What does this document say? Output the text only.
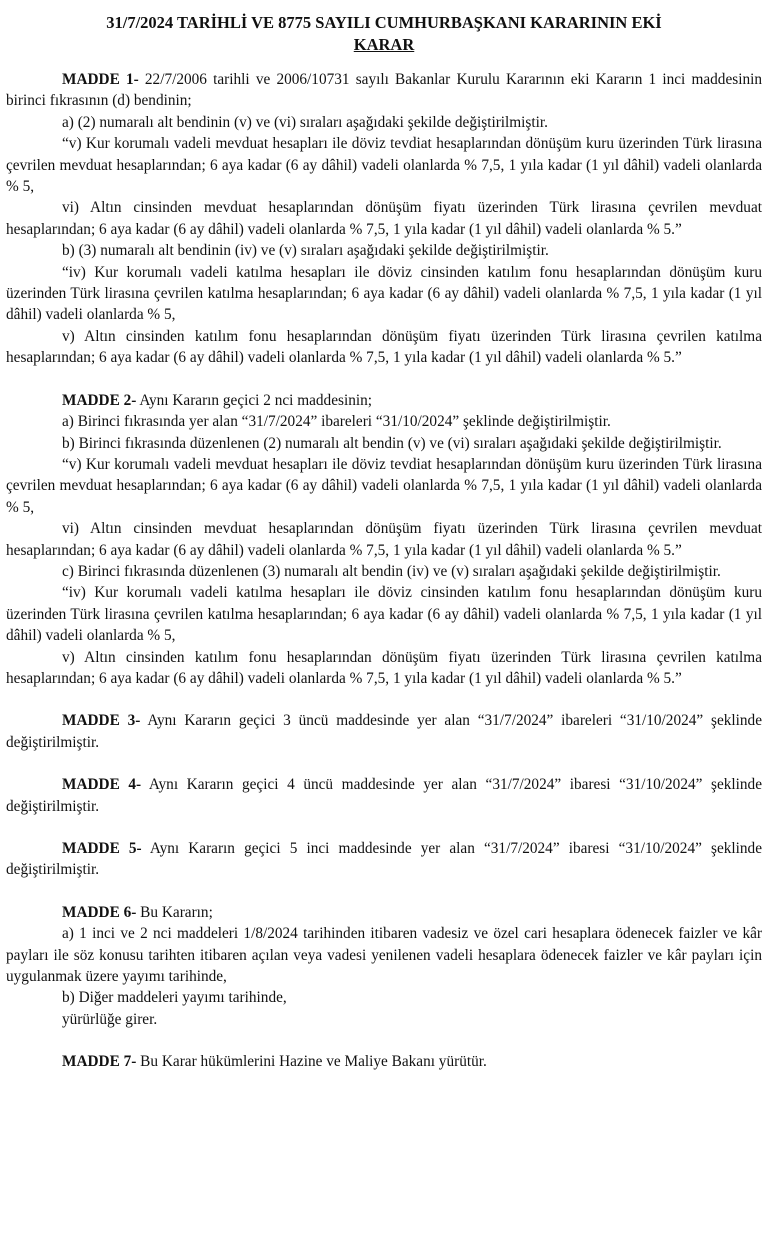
31/7/2024 TARİHLİ VE 8775 SAYILI CUMHURBAŞKANI KARARININ EKİ
KARAR

MADDE 1- 22/7/2006 tarihli ve 2006/10731 sayılı Bakanlar Kurulu Kararının eki Kararın 1 inci maddesinin birinci fıkrasının (d) bendinin;

a) (2) numaralı alt bendinin (v) ve (vi) sıraları aşağıdaki şekilde değiştirilmiştir.

“v) Kur korumalı vadeli mevduat hesapları ile döviz tevdiat hesaplarından dönüşüm kuru üzerinden Türk lirasına çevrilen mevduat hesaplarından; 6 aya kadar (6 ay dâhil) vadeli olanlarda % 7,5, 1 yıla kadar (1 yıl dâhil) vadeli olanlarda % 5,

vi) Altın cinsinden mevduat hesaplarından dönüşüm fiyatı üzerinden Türk lirasına çevrilen mevduat hesaplarından; 6 aya kadar (6 ay dâhil) vadeli olanlarda % 7,5, 1 yıla kadar (1 yıl dâhil) vadeli olanlarda % 5.”

b) (3) numaralı alt bendinin (iv) ve (v) sıraları aşağıdaki şekilde değiştirilmiştir.

“iv) Kur korumalı vadeli katılma hesapları ile döviz cinsinden katılım fonu hesaplarından dönüşüm kuru üzerinden Türk lirasına çevrilen katılma hesaplarından; 6 aya kadar (6 ay dâhil) vadeli olanlarda % 7,5, 1 yıla kadar (1 yıl dâhil) vadeli olanlarda % 5,

v) Altın cinsinden katılım fonu hesaplarından dönüşüm fiyatı üzerinden Türk lirasına çevrilen katılma hesaplarından; 6 aya kadar (6 ay dâhil) vadeli olanlarda % 7,5, 1 yıla kadar (1 yıl dâhil) vadeli olanlarda % 5.”

MADDE 2- Aynı Kararın geçici 2 nci maddesinin;

a) Birinci fıkrasında yer alan “31/7/2024” ibareleri “31/10/2024” şeklinde değiştirilmiştir.

b) Birinci fıkrasında düzenlenen (2) numaralı alt bendin (v) ve (vi) sıraları aşağıdaki şekilde değiştirilmiştir.

“v) Kur korumalı vadeli mevduat hesapları ile döviz tevdiat hesaplarından dönüşüm kuru üzerinden Türk lirasına çevrilen mevduat hesaplarından; 6 aya kadar (6 ay dâhil) vadeli olanlarda % 7,5, 1 yıla kadar (1 yıl dâhil) vadeli olanlarda % 5,

vi) Altın cinsinden mevduat hesaplarından dönüşüm fiyatı üzerinden Türk lirasına çevrilen mevduat hesaplarından; 6 aya kadar (6 ay dâhil) vadeli olanlarda % 7,5, 1 yıla kadar (1 yıl dâhil) vadeli olanlarda % 5.”

c) Birinci fıkrasında düzenlenen (3) numaralı alt bendin (iv) ve (v) sıraları aşağıdaki şekilde değiştirilmiştir.

“iv) Kur korumalı vadeli katılma hesapları ile döviz cinsinden katılım fonu hesaplarından dönüşüm kuru üzerinden Türk lirasına çevrilen katılma hesaplarından; 6 aya kadar (6 ay dâhil) vadeli olanlarda % 7,5, 1 yıla kadar (1 yıl dâhil) vadeli olanlarda % 5,

v) Altın cinsinden katılım fonu hesaplarından dönüşüm fiyatı üzerinden Türk lirasına çevrilen katılma hesaplarından; 6 aya kadar (6 ay dâhil) vadeli olanlarda % 7,5, 1 yıla kadar (1 yıl dâhil) vadeli olanlarda % 5.”

MADDE 3- Aynı Kararın geçici 3 üncü maddesinde yer alan “31/7/2024” ibareleri “31/10/2024” şeklinde değiştirilmiştir.

MADDE 4- Aynı Kararın geçici 4 üncü maddesinde yer alan “31/7/2024” ibaresi “31/10/2024” şeklinde değiştirilmiştir.

MADDE 5- Aynı Kararın geçici 5 inci maddesinde yer alan “31/7/2024” ibaresi “31/10/2024” şeklinde değiştirilmiştir.

MADDE 6- Bu Kararın;

a) 1 inci ve 2 nci maddeleri 1/8/2024 tarihinden itibaren vadesiz ve özel cari hesaplara ödenecek faizler ve kâr payları ile söz konusu tarihten itibaren açılan veya vadesi yenilenen vadeli hesaplara ödenecek faizler ve kâr payları için uygulanmak üzere yayımı tarihinde,

b) Diğer maddeleri yayımı tarihinde,

yürürlüğe girer.

MADDE 7- Bu Karar hükümlerini Hazine ve Maliye Bakanı yürütür.
